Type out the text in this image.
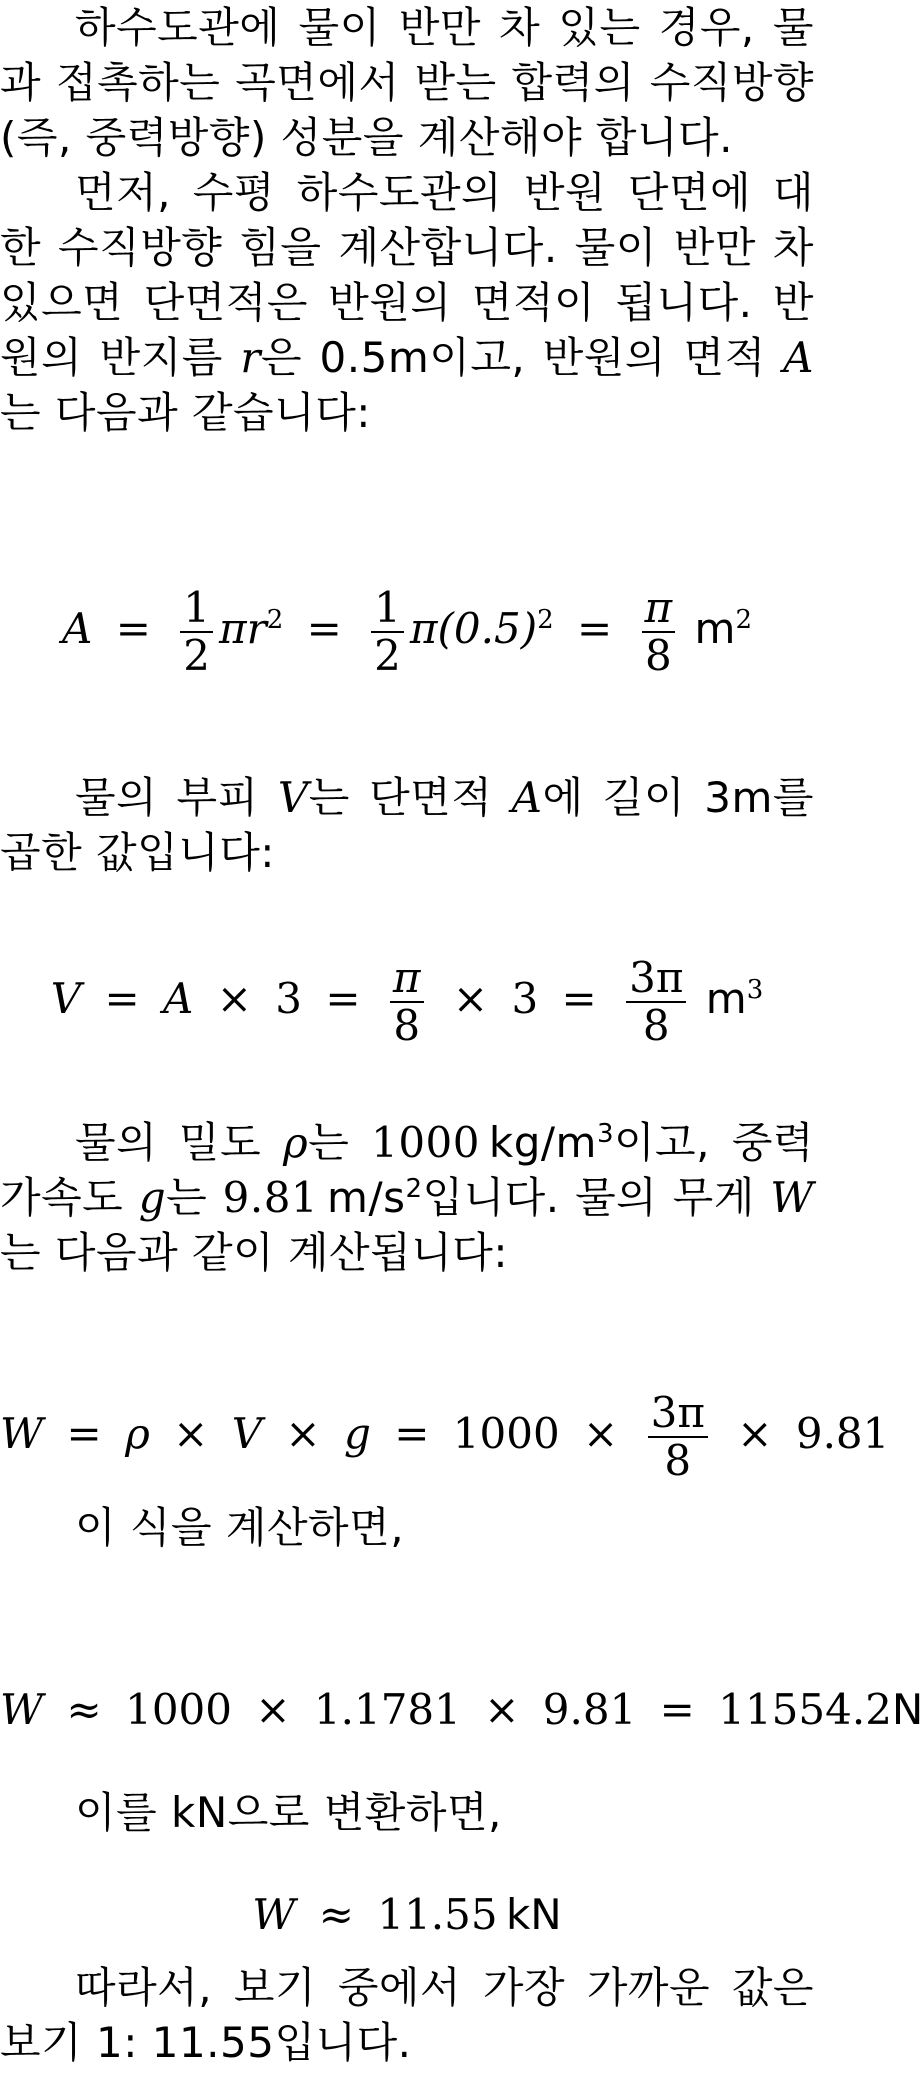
하수도관에 물이 반만 차 있는 경우, 물과 접촉하는 곡면에서 받는 합력의 수직방향(즉, 중력방향) 성분을 계산해야 합니다.

먼저, 수평 하수도관의 반원 단면에 대한 수직방향 힘을 계산합니다. 물이 반만 차 있으면 단면적은 반원의 면적이 됩니다. 반원의 반지름 r은 0.5m이고, 반원의 면적 A는 다음과 같습니다:

$A = \frac{1}{2} \pi r^2 = \frac{1}{2} \pi(0.5)^2 = \frac{\pi}{8} m^2$

물의 부피 V는 단면적 A에 길이 3m를 곱한 값입니다:

$V = A \times 3 = \frac{\pi}{8} \times 3 = \frac{3\pi}{8} m^3$

물의 밀도 ρ는 1000  $kg/m^3$이고, 중력가속도 g는 9.81  $m/s^2$입니다. 물의 무게 W는 다음과 같이 계산됩니다:

$W = \rho \times V \times g = 1000 \times \frac{3\pi}{8} \times 9.81$

이 식을 계산하면,

W ≈ 1000 × 1.1781 × 9.81 = 11554.2N

이를 kN으로 변환하면,

W ≈ 11.55  kN

따라서, 보기 중에서 가장 가까운 값은 보기 1: 11.55입니다.
